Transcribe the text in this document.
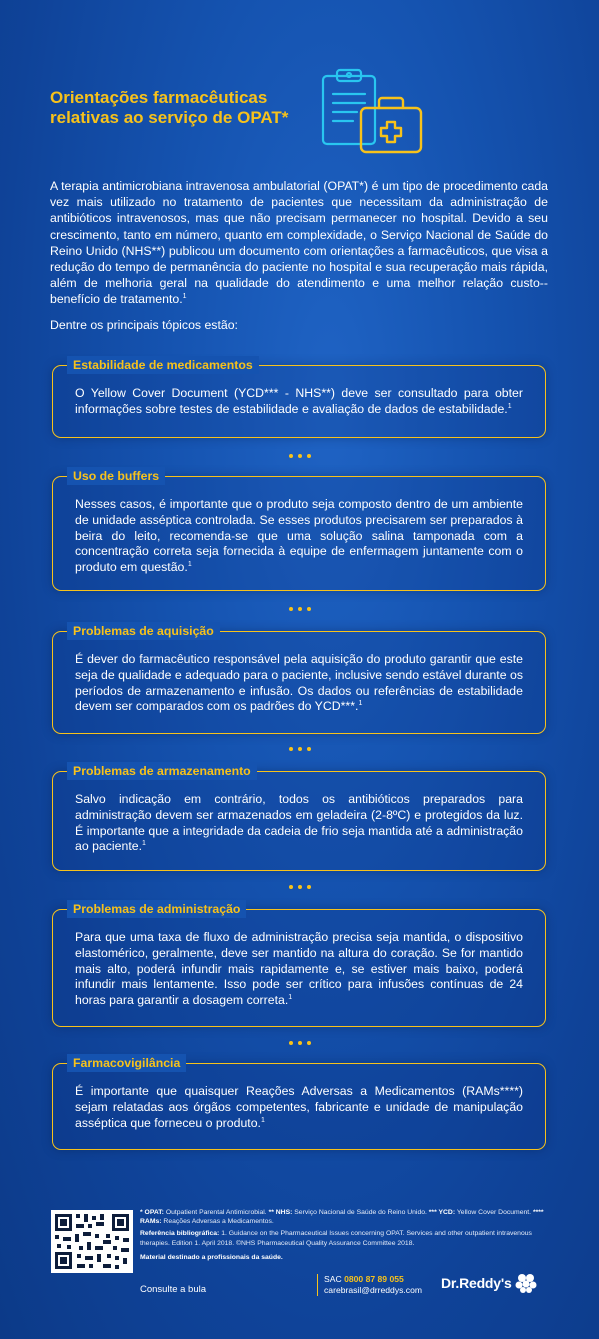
Orientações farmacêuticas relativas ao serviço de OPAT*
A terapia antimicrobiana intravenosa ambulatorial (OPAT*) é um tipo de procedimento cada vez mais utilizado no tratamento de pacientes que necessitam da administração de antibióticos intravenosos, mas que não precisam permanecer no hospital. Devido a seu crescimento, tanto em número, quanto em complexidade, o Serviço Nacional de Saúde do Reino Unido (NHS**) publicou um documento com orientações a farmacêuticos, que visa a redução do tempo de permanência do paciente no hospital e sua recuperação mais rápida, além de melhoria geral na qualidade do atendimento e uma melhor relação custo--benefício de tratamento.$^1$
Dentre os principais tópicos estão:
Estabilidade de medicamentos
O Yellow Cover Document (YCD*** - NHS**) deve ser consultado para obter informações sobre testes de estabilidade e avaliação de dados de estabilidade.$^1$
Uso de buffers
Nesses casos, é importante que o produto seja composto dentro de um ambiente de unidade asséptica controlada. Se esses produtos precisarem ser preparados à beira do leito, recomenda-se que uma solução salina tamponada com a concentração correta seja fornecida à equipe de enfermagem juntamente com o produto em questão.$^1$
Problemas de aquisição
É dever do farmacêutico responsável pela aquisição do produto garantir que este seja de qualidade e adequado para o paciente, inclusive sendo estável durante os períodos de armazenamento e infusão. Os dados ou referências de estabilidade devem ser comparados com os padrões do YCD***.$^1$
Problemas de armazenamento
Salvo indicação em contrário, todos os antibióticos preparados para administração devem ser armazenados em geladeira (2-8ºC) e protegidos da luz. É importante que a integridade da cadeia de frio seja mantida até a administração ao paciente.$^1$
Problemas de administração
Para que uma taxa de fluxo de administração precisa seja mantida, o dispositivo elastomérico, geralmente, deve ser mantido na altura do coração. Se for mantido mais alto, poderá infundir mais rapidamente e, se estiver mais baixo, poderá infundir mais lentamente. Isso pode ser crítico para infusões contínuas de 24 horas para garantir a dosagem correta.$^1$
Farmacovigilância
É importante que quaisquer Reações Adversas a Medicamentos (RAMs****) sejam relatadas aos órgãos competentes, fabricante e unidade de manipulação asséptica que forneceu o produto.$^1$

* OPAT: Outpatient Parental Antimicrobial. ** NHS: Serviço Nacional de Saúde do Reino Unido. *** YCD: Yellow Cover Document. **** RAMs: Reações Adversas a Medicamentos.

Referência bibliográfica: 1. Guidance on the Pharmaceutical Issues concerning OPAT. Services and other outpatient intravenous therapies. Edition 1. April 2018. ©NHS Pharmaceutical Quality Assurance Committee 2018.

Material destinado a profissionais da saúde.

Consulte a bula
SAC 0800 87 89 055
carebrasil@drreddys.com Dr.Reddy's
